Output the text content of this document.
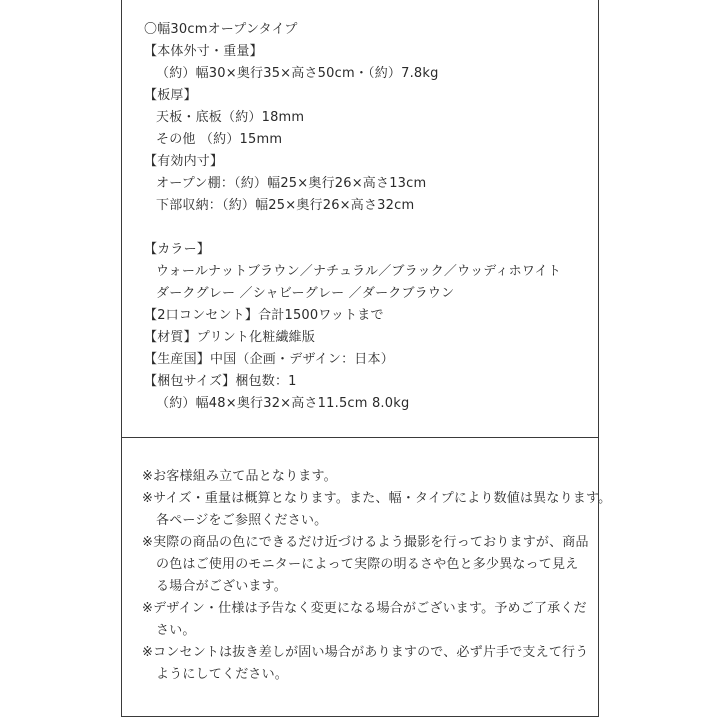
〇幅30cmオープンタイプ
【本体外寸・重量】
（約）幅30×奥行35×高さ50cm・（約）7.8kg
【板厚】
天板・底板（約）18mm
その他 （約）15mm
【有効内寸】
オープン棚：（約）幅25×奥行26×高さ13cm
下部収納：（約）幅25×奥行26×高さ32cm
【カラー】
ウォールナットブラウン／ナチュラル／ブラック／ウッディホワイト
ダークグレー ／シャビーグレー ／ダークブラウン
【2口コンセント】合計1500ワットまで
【材質】プリント化粧繊維版
【生産国】中国（企画・デザイン：日本）
【梱包サイズ】梱包数：1
（約）幅48×奥行32×高さ11.5cm 8.0kg
※お客様組み立て品となります。
※サイズ・重量は概算となります。また、幅・タイプにより数値は異なります。
各ページをご参照ください。
※実際の商品の色にできるだけ近づけるよう撮影を行っておりますが、商品
の色はご使用のモニターによって実際の明るさや色と多少異なって見え
る場合がございます。
※デザイン・仕様は予告なく変更になる場合がございます。予めご了承くだ
さい。
※コンセントは抜き差しが固い場合がありますので、必ず片手で支えて行う
ようにしてください。
